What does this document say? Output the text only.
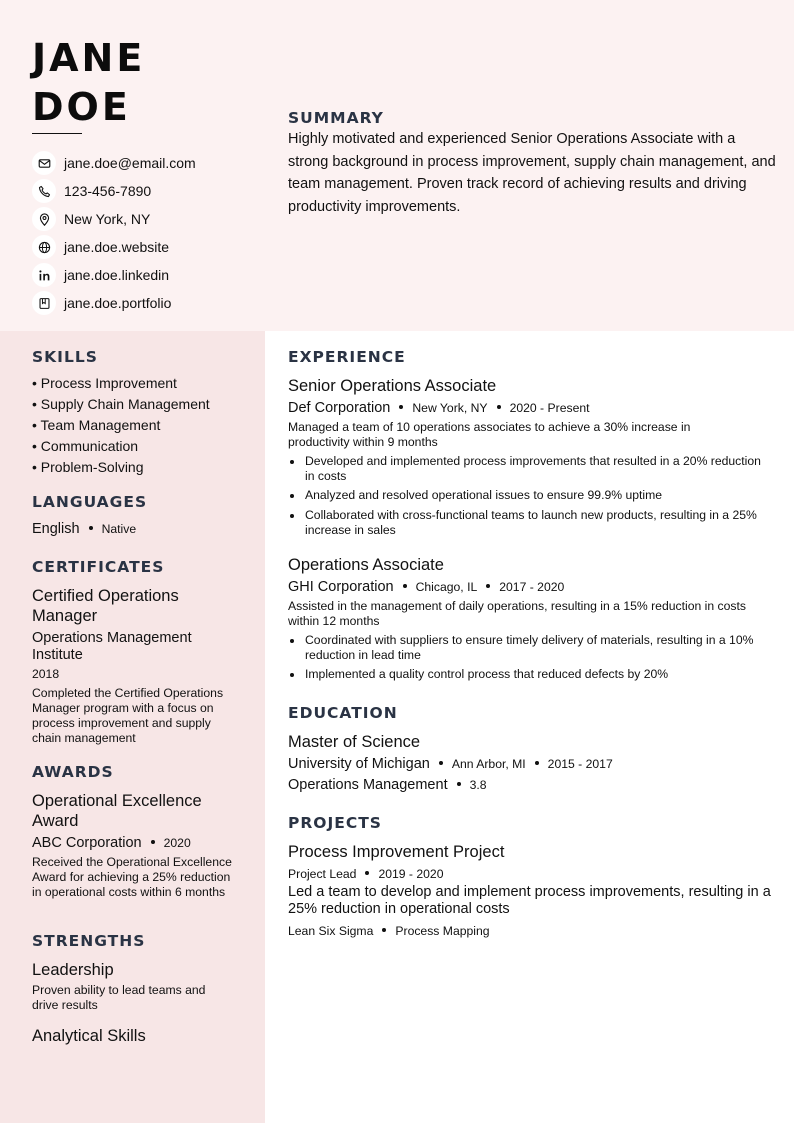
JANE
DOE
jane.doe@email.com
123-456-7890
New York, NY
jane.doe.website
jane.doe.linkedin
jane.doe.portfolio
SUMMARY
Highly motivated and experienced Senior Operations Associate with a strong background in process improvement, supply chain management, and team management. Proven track record of achieving results and driving productivity improvements.
SKILLS
• Process Improvement
• Supply Chain Management
• Team Management
• Communication
• Problem-Solving
LANGUAGES
English Native
CERTIFICATES
Certified Operations Manager
Operations Management Institute
2018
Completed the Certified Operations Manager program with a focus on process improvement and supply chain management
AWARDS
Operational Excellence Award
ABC Corporation 2020
Received the Operational Excellence Award for achieving a 25% reduction in operational costs within 6 months
STRENGTHS
Leadership
Proven ability to lead teams and drive results
Analytical Skills
EXPERIENCE
Senior Operations Associate
Def Corporation New York, NY 2020 - Present
Managed a team of 10 operations associates to achieve a 30% increase in productivity within 9 months
Developed and implemented process improvements that resulted in a 20% reduction in costs
Analyzed and resolved operational issues to ensure 99.9% uptime
Collaborated with cross-functional teams to launch new products, resulting in a 25% increase in sales
Operations Associate
GHI Corporation Chicago, IL 2017 - 2020
Assisted in the management of daily operations, resulting in a 15% reduction in costs within 12 months
Coordinated with suppliers to ensure timely delivery of materials, resulting in a 10% reduction in lead time
Implemented a quality control process that reduced defects by 20%
EDUCATION
Master of Science
University of Michigan Ann Arbor, MI 2015 - 2017
Operations Management 3.8
PROJECTS
Process Improvement Project
Project Lead 2019 - 2020
Led a team to develop and implement process improvements, resulting in a 25% reduction in operational costs
Lean Six Sigma Process Mapping
